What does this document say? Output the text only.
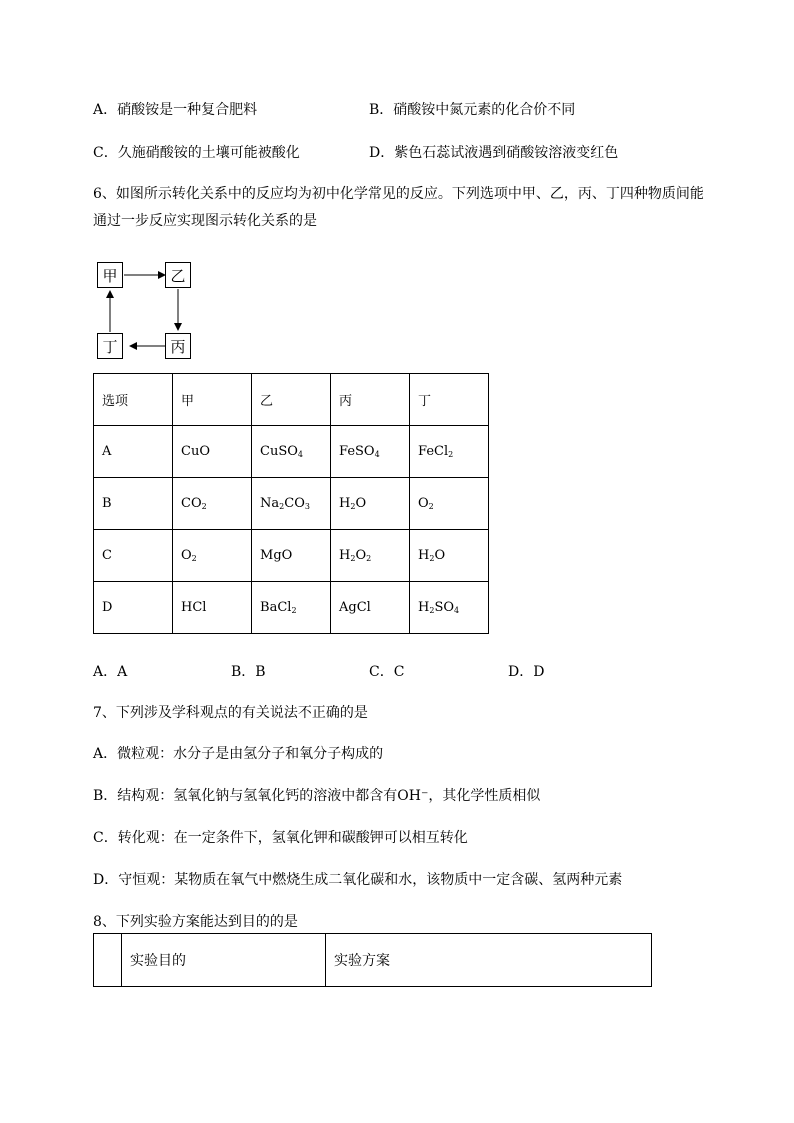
A．硝酸铵是一种复合肥料	B．硝酸铵中氮元素的化合价不同
C．久施硝酸铵的土壤可能被酸化	D．紫色石蕊试液遇到硝酸铵溶液变红色
6、如图所示转化关系中的反应均为初中化学常见的反应。下列选项中甲、乙，丙、丁四种物质间能
通过一步反应实现图示转化关系的是
甲	乙
丙
丁
选项	甲	乙	丙	丁
A	CuO	CuSO$_4$	FeSO$_4$	FeCl$_2$
B	$CO_2$	$Na_2CO_3$	$H_2O$	$O_2$
C	$O_2$	MgO	$H_2O_2$	$H_2O$
D	HCl	BaCl$_2$	AgCl	$H_2SO_4$
A．A	B．B	C．C	D．D
7、下列涉及学科观点的有关说法不正确的是
A．微粒观：水分子是由氢分子和氧分子构成的
B．结构观：氢氧化钠与氢氧化钙的溶液中都含有OH⁻，其化学性质相似
C．转化观：在一定条件下，氢氧化钾和碳酸钾可以相互转化
D．守恒观：某物质在氧气中燃烧生成二氧化碳和水，该物质中一定含碳、氢两种元素
8、下列实验方案能达到目的的是
	实验目的	实验方案
